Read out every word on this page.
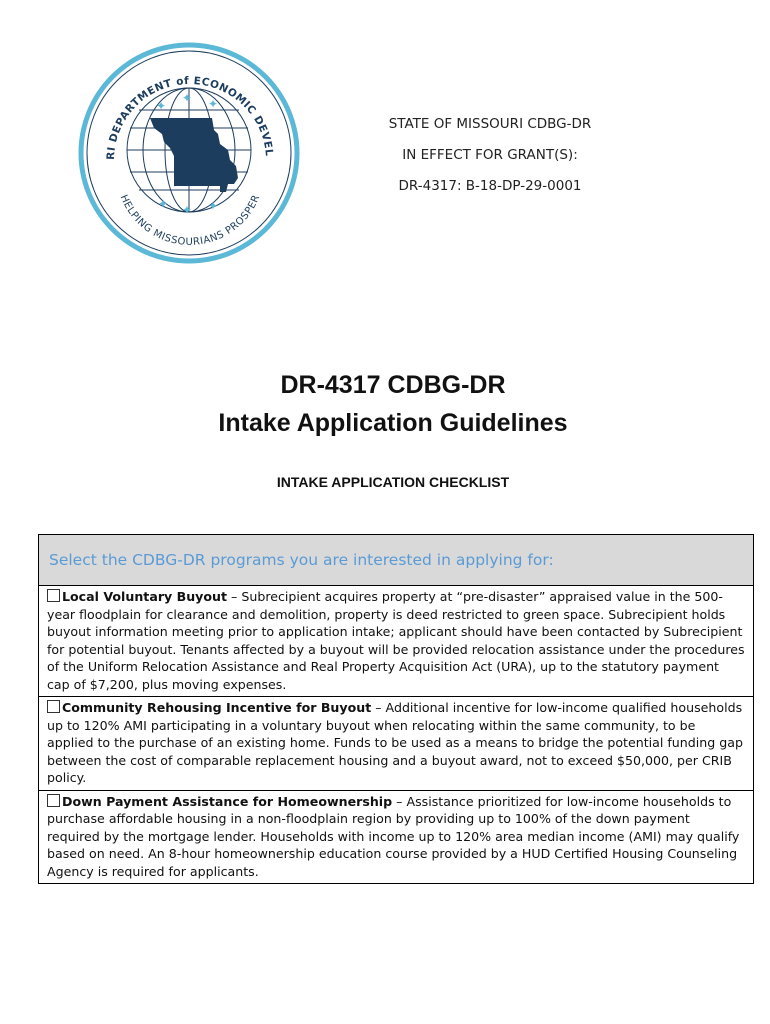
RI DEPARTMENT of ECONOMIC DEVEL
HELPING MISSOURIANS PROSPER
✦
✦ ✦
✦ ✦ ✦
STATE OF MISSOURI CDBG-DR
IN EFFECT FOR GRANT(S):
DR-4317: B-18-DP-29-0001
DR-4317 CDBG-DR
Intake Application Guidelines
INTAKE APPLICATION CHECKLIST
Select the CDBG-DR programs you are interested in applying for:
Local Voluntary Buyout – Subrecipient acquires property at “pre-disaster” appraised value in the 500-year floodplain for clearance and demolition, property is deed restricted to green space. Subrecipient holds buyout information meeting prior to application intake; applicant should have been contacted by Subrecipient for potential buyout. Tenants affected by a buyout will be provided relocation assistance under the procedures of the Uniform Relocation Assistance and Real Property Acquisition Act (URA), up to the statutory payment cap of $7,200, plus moving expenses.
Community Rehousing Incentive for Buyout – Additional incentive for low-income qualified households up to 120% AMI participating in a voluntary buyout when relocating within the same community, to be applied to the purchase of an existing home. Funds to be used as a means to bridge the potential funding gap between the cost of comparable replacement housing and a buyout award, not to exceed $50,000, per CRIB policy.
Down Payment Assistance for Homeownership – Assistance prioritized for low-income households to purchase affordable housing in a non-floodplain region by providing up to 100% of the down payment required by the mortgage lender. Households with income up to 120% area median income (AMI) may qualify based on need. An 8-hour homeownership education course provided by a HUD Certified Housing Counseling Agency is required for applicants.
